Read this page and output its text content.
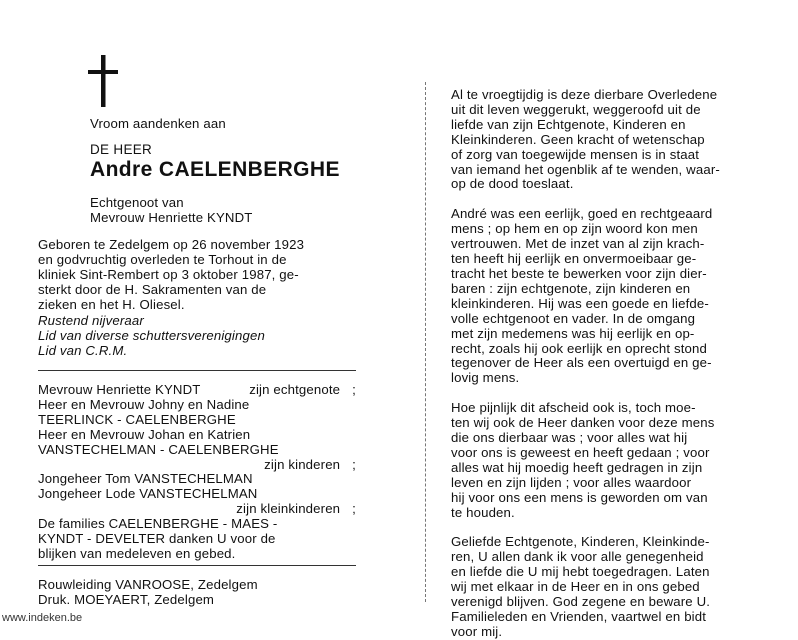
Vroom aandenken aan
DE HEER
Andre CAELENBERGHE
Echtgenoot van
Mevrouw Henriette KYNDT
Geboren te Zedelgem op 26 november 1923
en godvruchtig overleden te Torhout in de
kliniek Sint-Rembert op 3 oktober 1987, ge-
sterkt door de H. Sakramenten van de
zieken en het H. Oliesel.
Rustend nijveraar
Lid van diverse schuttersverenigingen
Lid van C.R.M.
Mevrouw Henriette KYNDT	zijn echtgenote ;
Heer en Mevrouw Johny en Nadine
TEERLINCK - CAELENBERGHE
Heer en Mevrouw Johan en Katrien
VANSTECHELMAN - CAELENBERGHE
zijn kinderen ;
Jongeheer Tom VANSTECHELMAN
Jongeheer Lode VANSTECHELMAN
zijn kleinkinderen ;
De families CAELENBERGHE - MAES -
KYNDT - DEVELTER danken U voor de
blijken van medeleven en gebed.
Rouwleiding VANROOSE, Zedelgem
Druk. MOEYAERT, Zedelgem
Al te vroegtijdig is deze dierbare Overledene
uit dit leven weggerukt, weggeroofd uit de
liefde van zijn Echtgenote, Kinderen en
Kleinkinderen. Geen kracht of wetenschap
of zorg van toegewijde mensen is in staat
van iemand het ogenblik af te wenden, waar-
op de dood toeslaat.
André was een eerlijk, goed en rechtgeaard
mens ; op hem en op zijn woord kon men
vertrouwen. Met de inzet van al zijn krach-
ten heeft hij eerlijk en onvermoeibaar ge-
tracht het beste te bewerken voor zijn dier-
baren : zijn echtgenote, zijn kinderen en
kleinkinderen. Hij was een goede en liefde-
volle echtgenoot en vader. In de omgang
met zijn medemens was hij eerlijk en op-
recht, zoals hij ook eerlijk en oprecht stond
tegenover de Heer als een overtuigd en ge-
lovig mens.
Hoe pijnlijk dit afscheid ook is, toch moe-
ten wij ook de Heer danken voor deze mens
die ons dierbaar was ; voor alles wat hij
voor ons is geweest en heeft gedaan ; voor
alles wat hij moedig heeft gedragen in zijn
leven en zijn lijden ; voor alles waardoor
hij voor ons een mens is geworden om van
te houden.
Geliefde Echtgenote, Kinderen, Kleinkinde-
ren, U allen dank ik voor alle genegenheid
en liefde die U mij hebt toegedragen. Laten
wij met elkaar in de Heer en in ons gebed
verenigd blijven. God zegene en beware U.
Familieleden en Vrienden, vaartwel en bidt
voor mij.
www.indeken.be
